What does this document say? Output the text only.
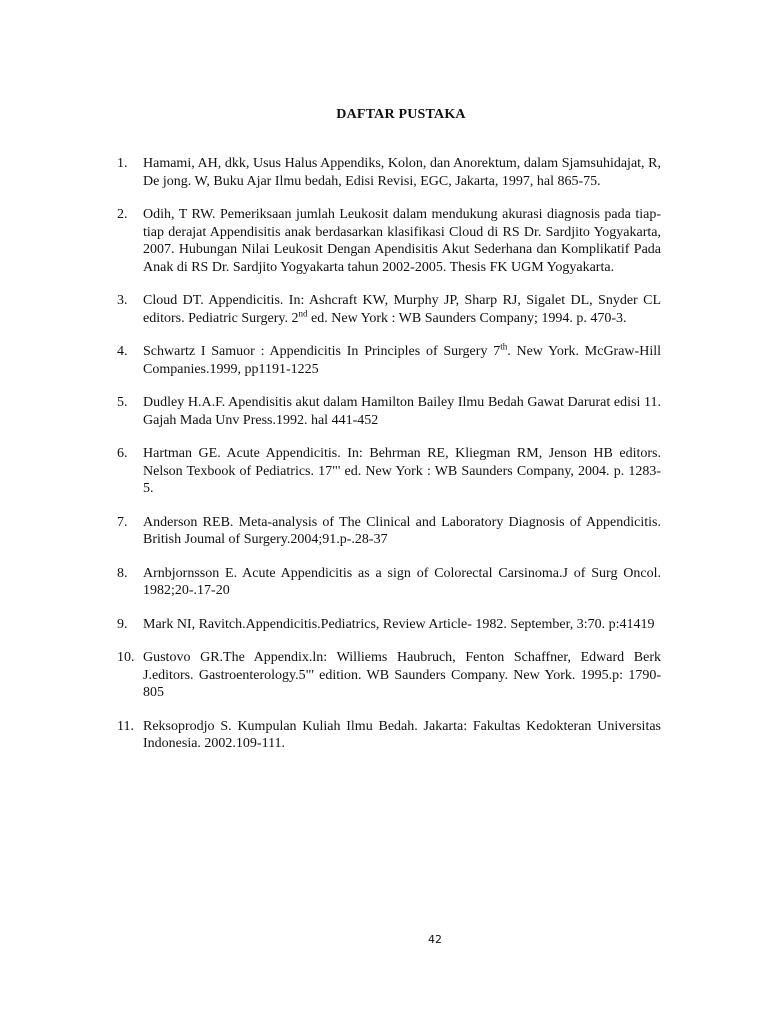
DAFTAR PUSTAKA
1. Hamami, AH, dkk, Usus Halus Appendiks, Kolon, dan Anorektum, dalam Sjamsuhidajat, R, De jong. W, Buku Ajar Ilmu bedah, Edisi Revisi, EGC, Jakarta, 1997, hal 865-75.
2. Odih, T RW. Pemeriksaan jumlah Leukosit dalam mendukung akurasi diagnosis pada tiap-tiap derajat Appendisitis anak berdasarkan klasifikasi Cloud di RS Dr. Sardjito Yogyakarta, 2007. Hubungan Nilai Leukosit Dengan Apendisitis Akut Sederhana dan Komplikatif Pada Anak di RS Dr. Sardjito Yogyakarta tahun 2002-2005. Thesis FK UGM Yogyakarta.
3. Cloud DT. Appendicitis. In: Ashcraft KW, Murphy JP, Sharp RJ, Sigalet DL, Snyder CL editors. Pediatric Surgery. 2nd ed. New York : WB Saunders Company; 1994. p. 470-3.
4. Schwartz I Samuor : Appendicitis In Principles of Surgery 7th. New York. McGraw-Hill Companies.1999, pp1191-1225
5. Dudley H.A.F. Apendisitis akut dalam Hamilton Bailey Ilmu Bedah Gawat Darurat edisi 11. Gajah Mada Unv Press.1992. hal 441-452
6. Hartman GE. Acute Appendicitis. In: Behrman RE, Kliegman RM, Jenson HB editors. Nelson Texbook of Pediatrics. 17"' ed. New York : WB Saunders Company, 2004. p. 1283-5.
7. Anderson REB. Meta-analysis of The Clinical and Laboratory Diagnosis of Appendicitis. British Joumal of Surgery.2004;91.p-.28-37
8. Arnbjornsson E. Acute Appendicitis as a sign of Colorectal Carsinoma.J of Surg Oncol. 1982;20-.17-20
9. Mark NI, Ravitch.Appendicitis.Pediatrics, Review Article- 1982. September, 3:70. p:41419
10. Gustovo GR.The Appendix.ln: Williems Haubruch, Fenton Schaffner, Edward Berk J.editors. Gastroenterology.5"' edition. WB Saunders Company. New York. 1995.p: 1790- 805
11. Reksoprodjo S. Kumpulan Kuliah Ilmu Bedah. Jakarta: Fakultas Kedokteran Universitas Indonesia. 2002.109-111.
42
